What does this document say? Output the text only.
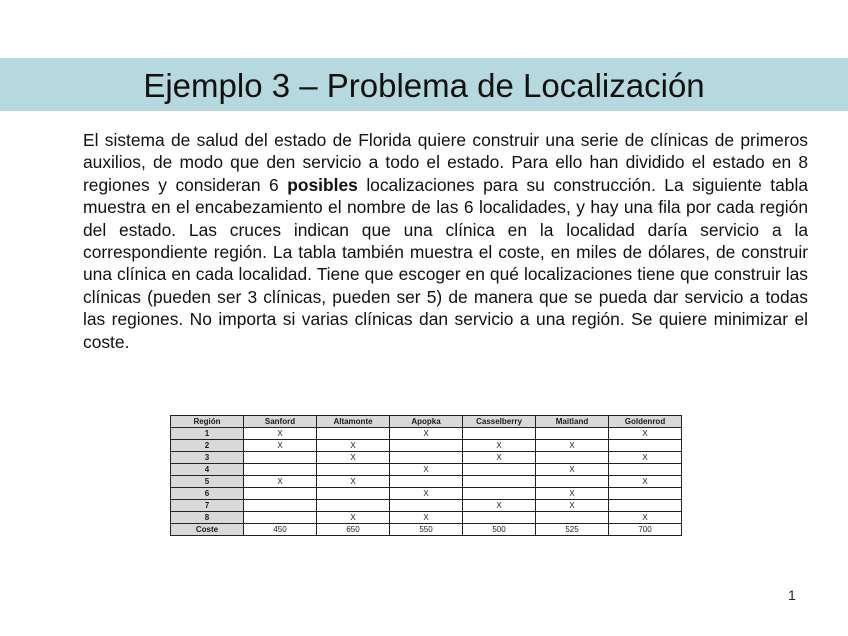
Ejemplo 3 – Problema de Localización
El sistema de salud del estado de Florida quiere construir una serie de clínicas de primeros auxilios, de modo que den servicio a todo el estado. Para ello han dividido el estado en 8 regiones y consideran 6 posibles localizaciones para su construcción. La siguiente tabla muestra en el encabezamiento el nombre de las 6 localidades, y hay una fila por cada región del estado. Las cruces indican que una clínica en la localidad daría servicio a la correspondiente región. La tabla también muestra el coste, en miles de dólares, de construir una clínica en cada localidad. Tiene que escoger en qué localizaciones tiene que construir las clínicas (pueden ser 3 clínicas, pueden ser 5) de manera que se pueda dar servicio a todas las regiones. No importa si varias clínicas dan servicio a una región. Se quiere minimizar el coste.
Región	Sanford	Altamonte	Apopka	Casselberry	Maitland	Goldenrod
1	X		X			X
2	X	X		X	X	
3		X		X		X
4			X		X	
5	X	X				X
6			X		X	
7				X	X	
8		X	X			X
Coste	450	650	550	500	525	700
1
